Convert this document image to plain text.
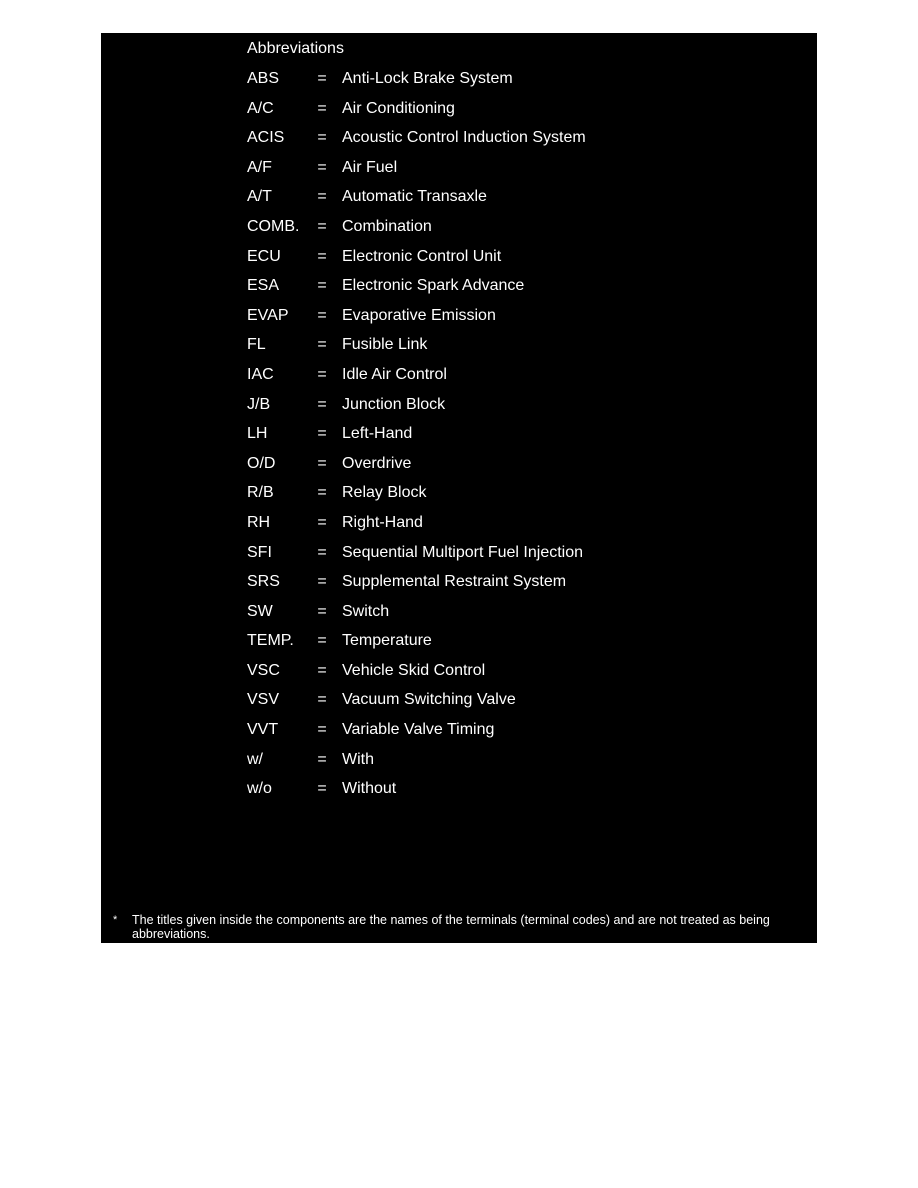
Abbreviations
ABS = Anti-Lock Brake System
A/C	= Air Conditioning
ACIS = Acoustic Control Induction System
A/F	= Air Fuel
A/T	= Automatic Transaxle
COMB. = Combination
ECU = Electronic Control Unit
ESA = Electronic Spark Advance
EVAP = Evaporative Emission
FL	= Fusible Link
IAC	= Idle Air Control
J/B	= Junction Block
LH	= Left-Hand
O/D	= Overdrive
R/B	= Relay Block
RH	= Right-Hand
SFI	= Sequential Multiport Fuel Injection
SRS = Supplemental Restraint System
SW	= Switch
TEMP. = Temperature
VSC = Vehicle Skid Control
VSV = Vacuum Switching Valve
VVT = Variable Valve Timing
w/	= With
w/o	= Without
* The titles given inside the components are the names of the terminals (terminal codes) and are not treated as being abbreviations.
